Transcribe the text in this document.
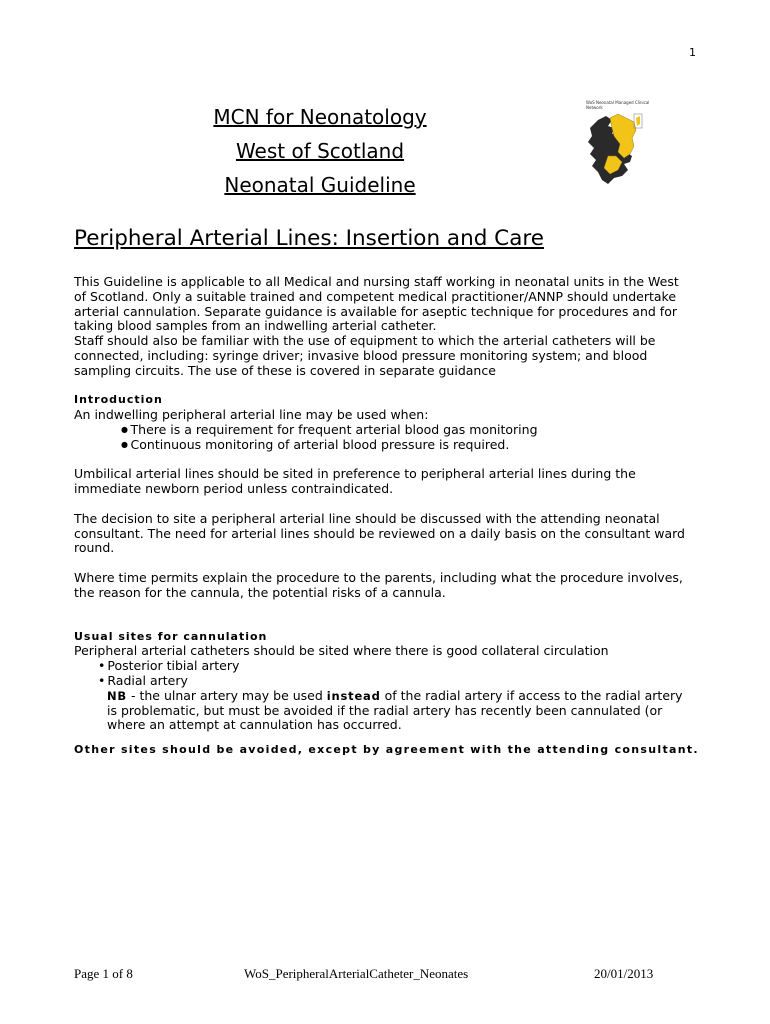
1
MCN for Neonatology
West of Scotland
Neonatal Guideline
WoS Neonatal Managed Clinical Network
Peripheral Arterial Lines: Insertion and Care

This Guideline is applicable to all Medical and nursing staff working in neonatal units in the West of Scotland. Only a suitable trained and competent medical practitioner/ANNP should undertake arterial cannulation. Separate guidance is available for aseptic technique for procedures and for taking blood samples from an indwelling arterial catheter.

Staff should also be familiar with the use of equipment to which the arterial catheters will be connected, including: syringe driver; invasive blood pressure monitoring system; and blood sampling circuits. The use of these is covered in separate guidance

Introduction

An indwelling peripheral arterial line may be used when:

● There is a requirement for frequent arterial blood gas monitoring
● Continuous monitoring of arterial blood pressure is required.

Umbilical arterial lines should be sited in preference to peripheral arterial lines during the immediate newborn period unless contraindicated.

The decision to site a peripheral arterial line should be discussed with the attending neonatal consultant. The need for arterial lines should be reviewed on a daily basis on the consultant ward round.

Where time permits explain the procedure to the parents, including what the procedure involves, the reason for the cannula, the potential risks of a cannula.

Usual sites for cannulation

Peripheral arterial catheters should be sited where there is good collateral circulation

• Posterior tibial artery
• Radial artery

NB - the ulnar artery may be used instead of the radial artery if access to the radial artery is problematic, but must be avoided if the radial artery has recently been cannulated (or where an attempt at cannulation has occurred.

Other sites should be avoided, except by agreement with the attending consultant.
Page 1 of 8	WoS_PeripheralArterialCatheter_Neonates	20/01/2013
